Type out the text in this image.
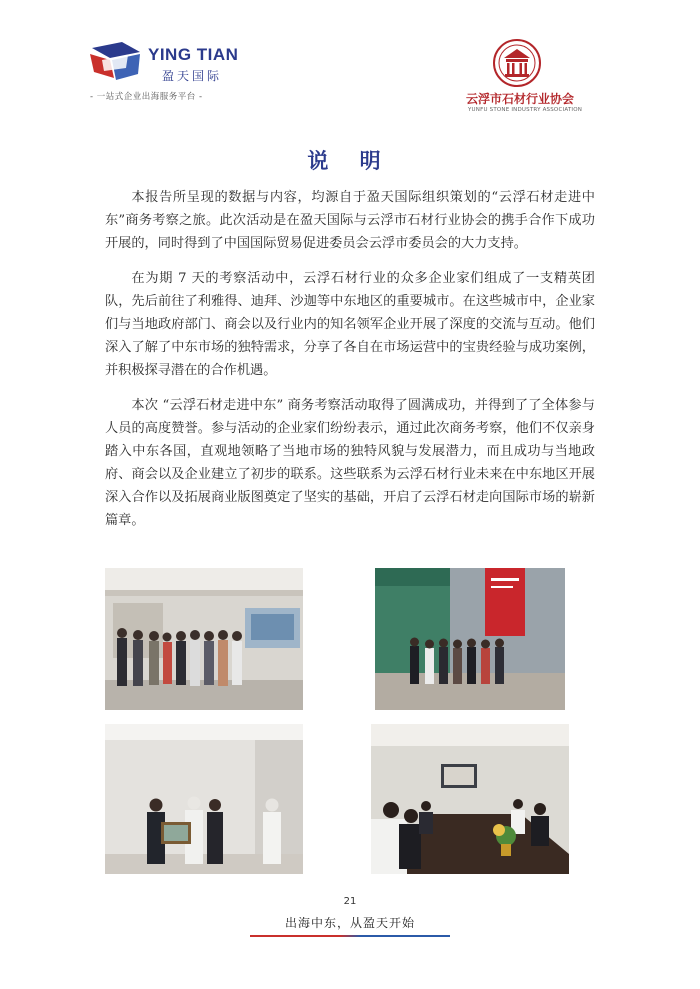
YING TIAN
盈天国际
- 一站式企业出海服务平台 -	云浮市石材行业协会
YUNFU STONE INDUSTRY ASSOCIATION
说 明

本报告所呈现的数据与内容，均源自于盈天国际组织策划的“云浮石材走进中东”商务考察之旅。此次活动是在盈天国际与云浮市石材行业协会的携手合作下成功开展的，同时得到了中国国际贸易促进委员会云浮市委员会的大力支持。

在为期 7 天的考察活动中，云浮石材行业的众多企业家们组成了一支精英团队，先后前往了利雅得、迪拜、沙迦等中东地区的重要城市。在这些城市中，企业家们与当地政府部门、商会以及行业内的知名领军企业开展了深度的交流与互动。他们深入了解了中东市场的独特需求，分享了各自在市场运营中的宝贵经验与成功案例，并积极探寻潜在的合作机遇。

本次 “云浮石材走进中东” 商务考察活动取得了圆满成功，并得到了了全体参与人员的高度赞誉。参与活动的企业家们纷纷表示，通过此次商务考察，他们不仅亲身踏入中东各国，直观地领略了当地市场的独特风貌与发展潜力，而且成功与当地政府、商会以及企业建立了初步的联系。这些联系为云浮石材行业未来在中东地区开展深入合作以及拓展商业版图奠定了坚实的基础，开启了云浮石材走向国际市场的崭新篇章。

21
出海中东，从盈天开始
